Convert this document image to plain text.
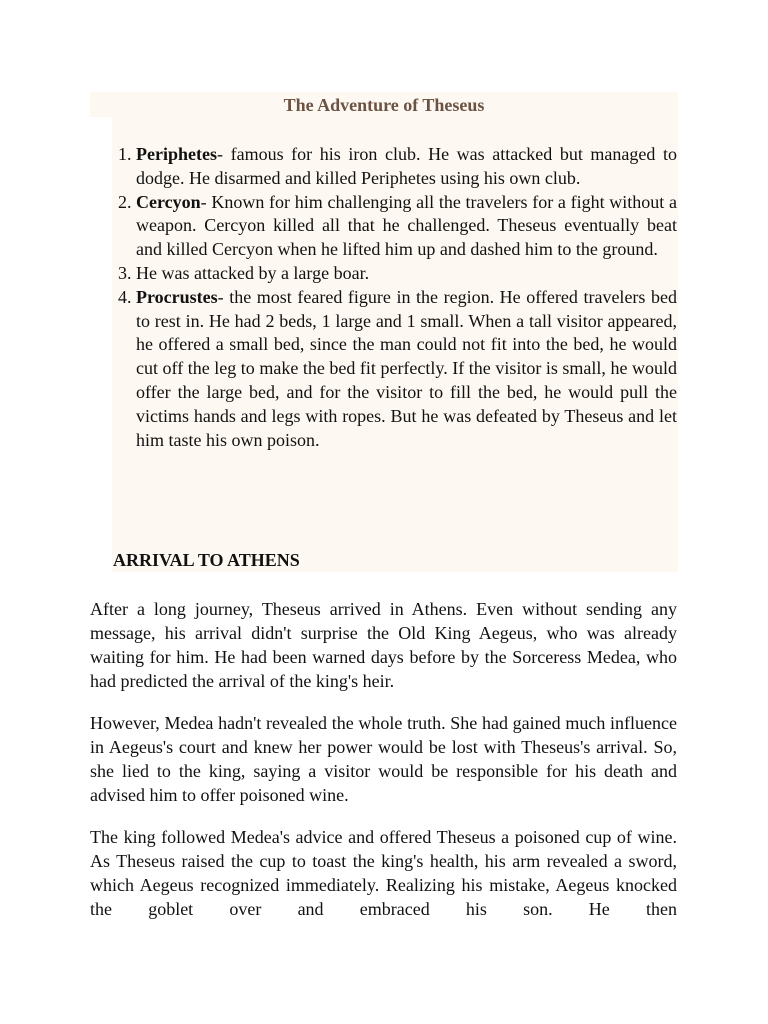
The Adventure of Theseus
1. Periphetes- famous for his iron club. He was attacked but managed to dodge. He disarmed and killed Periphetes using his own club.
2. Cercyon- Known for him challenging all the travelers for a fight without a weapon. Cercyon killed all that he challenged. Theseus eventually beat and killed Cercyon when he lifted him up and dashed him to the ground.
3. He was attacked by a large boar.
4. Procrustes- the most feared figure in the region. He offered travelers bed to rest in. He had 2 beds, 1 large and 1 small. When a tall visitor appeared, he offered a small bed, since the man could not fit into the bed, he would cut off the leg to make the bed fit perfectly. If the visitor is small, he would offer the large bed, and for the visitor to fill the bed, he would pull the victims hands and legs with ropes. But he was defeated by Theseus and let him taste his own poison.
ARRIVAL TO ATHENS

After a long journey, Theseus arrived in Athens. Even without sending any message, his arrival didn't surprise the Old King Aegeus, who was already waiting for him. He had been warned days before by the Sorceress Medea, who had predicted the arrival of the king's heir.

However, Medea hadn't revealed the whole truth. She had gained much influence in Aegeus's court and knew her power would be lost with Theseus's arrival. So, she lied to the king, saying a visitor would be responsible for his death and advised him to offer poisoned wine.

The king followed Medea's advice and offered Theseus a poisoned cup of wine. As Theseus raised the cup to toast the king's health, his arm revealed a sword, which Aegeus recognized immediately. Realizing his mistake, Aegeus knocked the goblet over and embraced his son. He then
